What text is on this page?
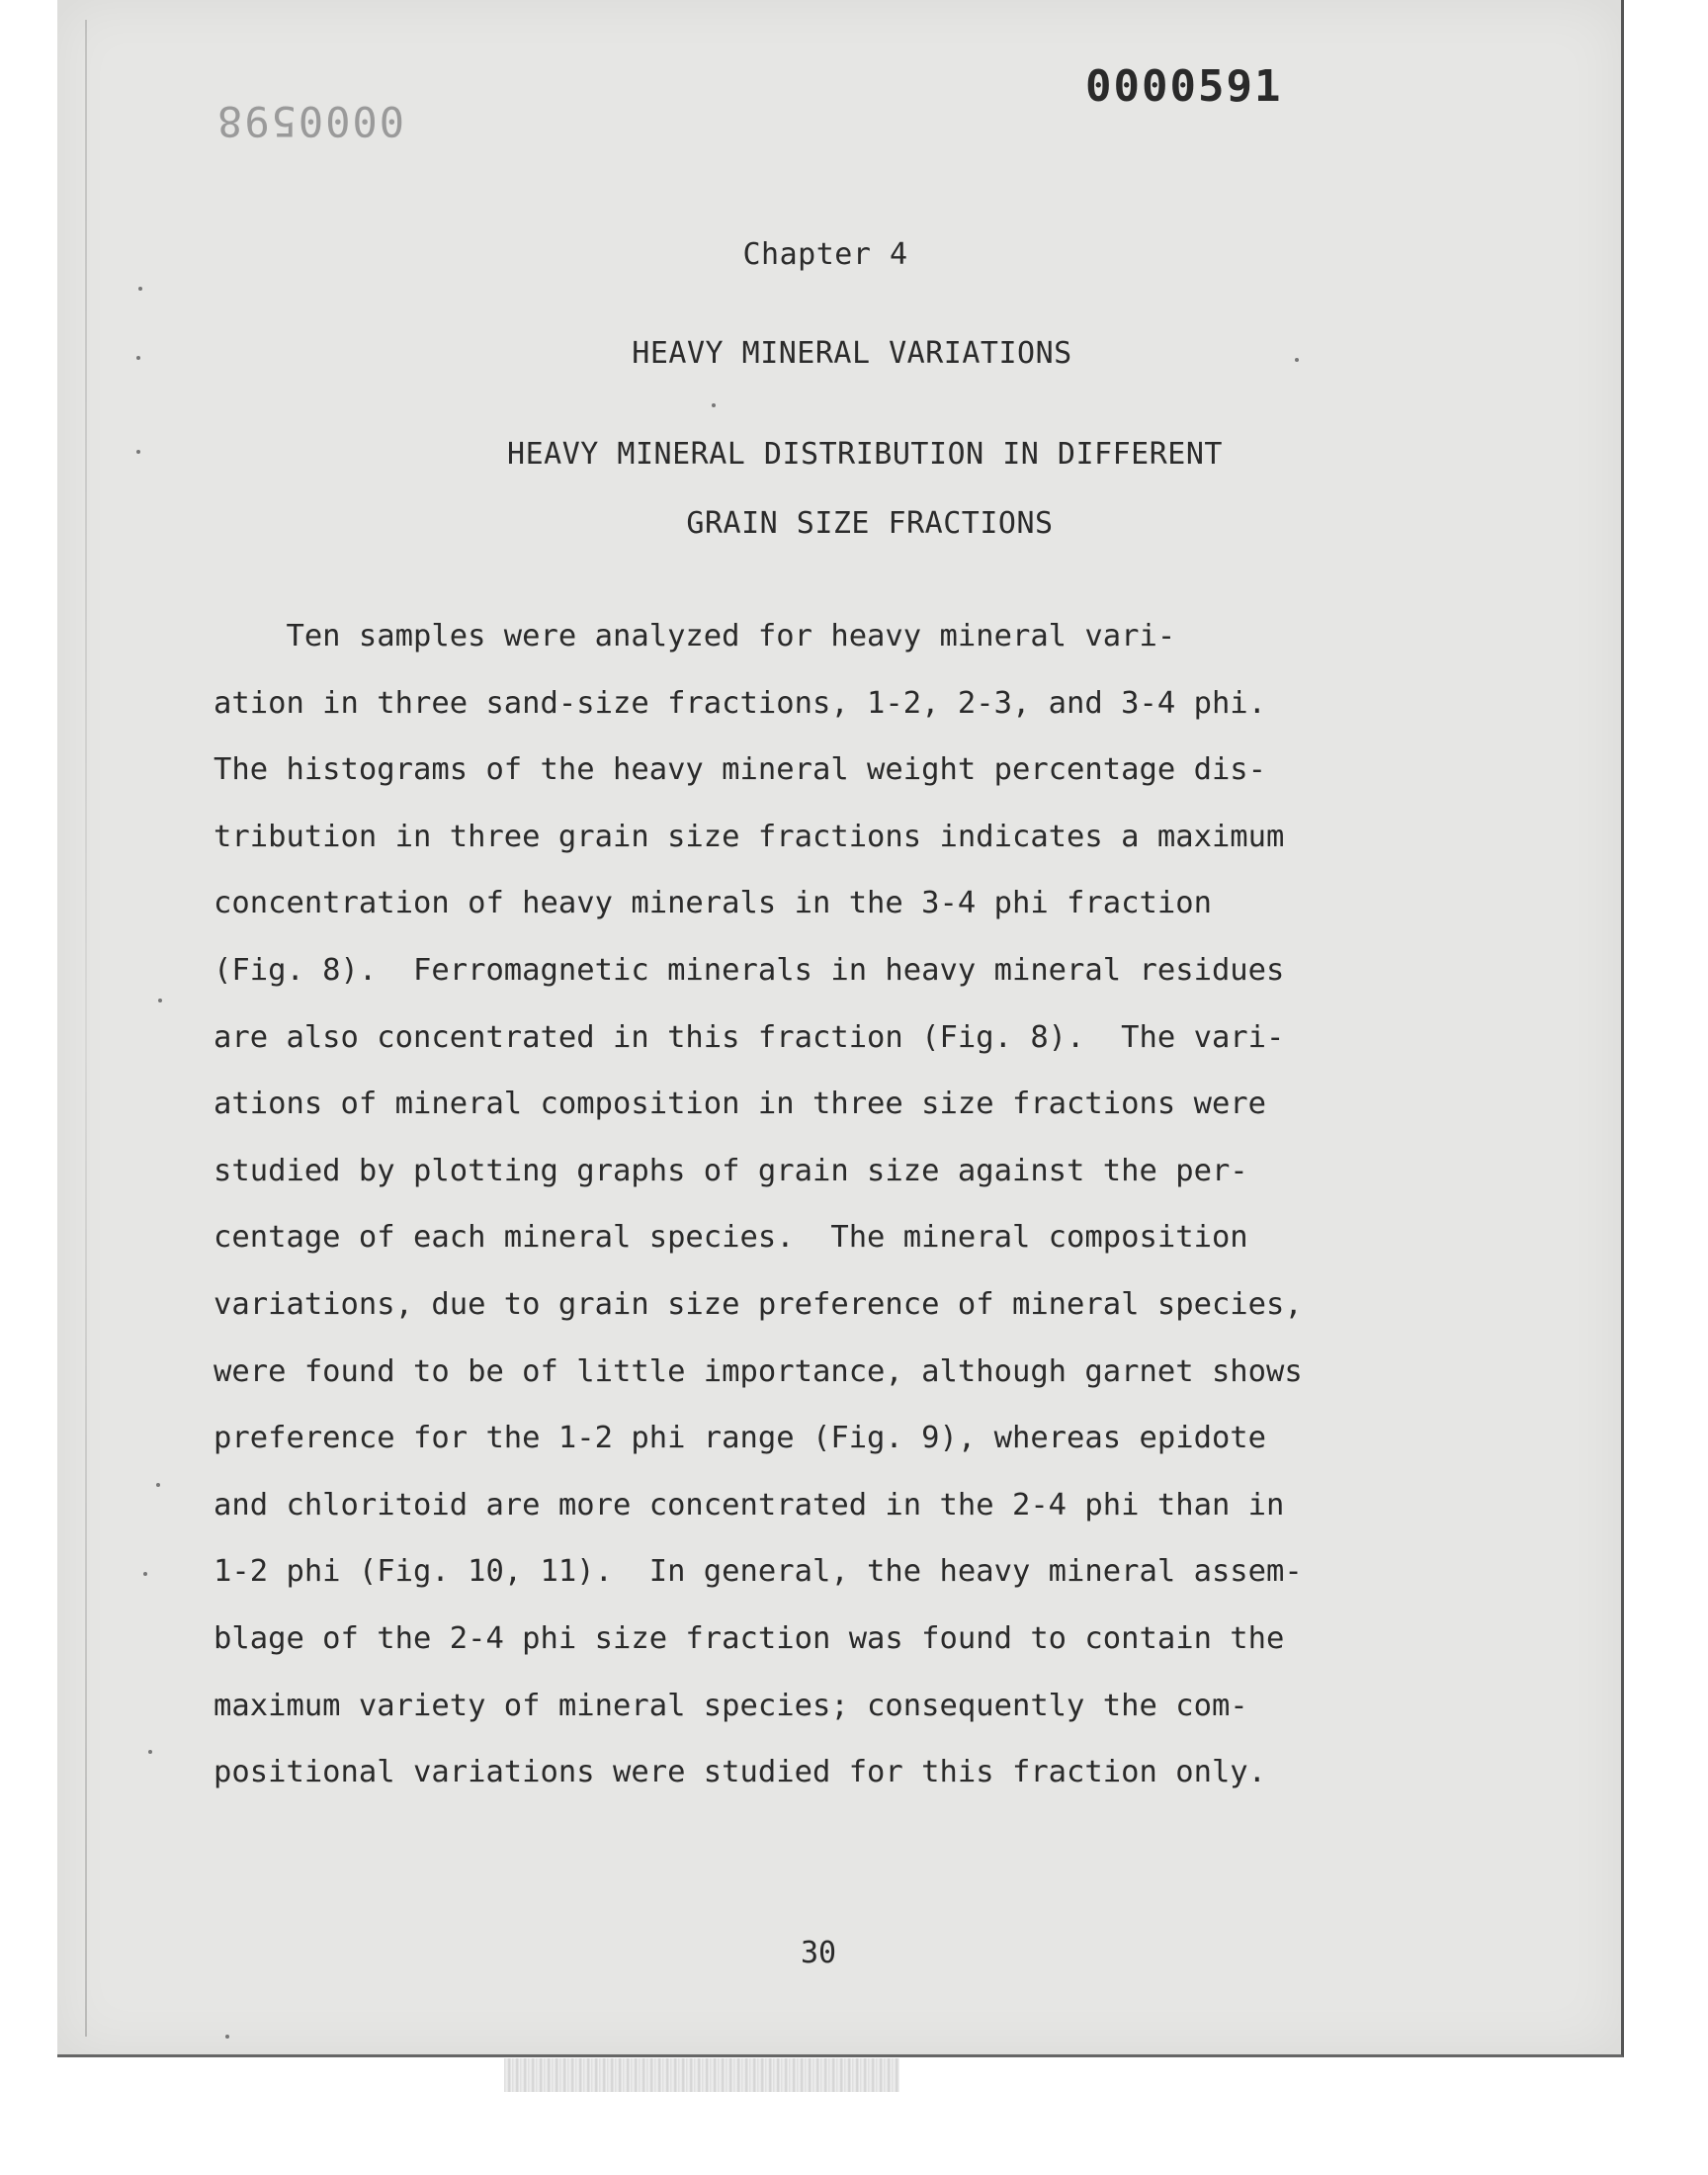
0000591
0000598
Chapter 4
HEAVY MINERAL VARIATIONS
HEAVY MINERAL DISTRIBUTION IN DIFFERENT
GRAIN SIZE FRACTIONS
Ten samples were analyzed for heavy mineral vari-
ation in three sand-size fractions, 1-2, 2-3, and 3-4 phi.
The histograms of the heavy mineral weight percentage dis-
tribution in three grain size fractions indicates a maximum
concentration of heavy minerals in the 3-4 phi fraction
(Fig. 8).  Ferromagnetic minerals in heavy mineral residues
are also concentrated in this fraction (Fig. 8).  The vari-
ations of mineral composition in three size fractions were
studied by plotting graphs of grain size against the per-
centage of each mineral species.  The mineral composition
variations, due to grain size preference of mineral species,
were found to be of little importance, although garnet shows
preference for the 1-2 phi range (Fig. 9), whereas epidote
and chloritoid are more concentrated in the 2-4 phi than in
1-2 phi (Fig. 10, 11).  In general, the heavy mineral assem-
blage of the 2-4 phi size fraction was found to contain the
maximum variety of mineral species; consequently the com-
positional variations were studied for this fraction only.
30
